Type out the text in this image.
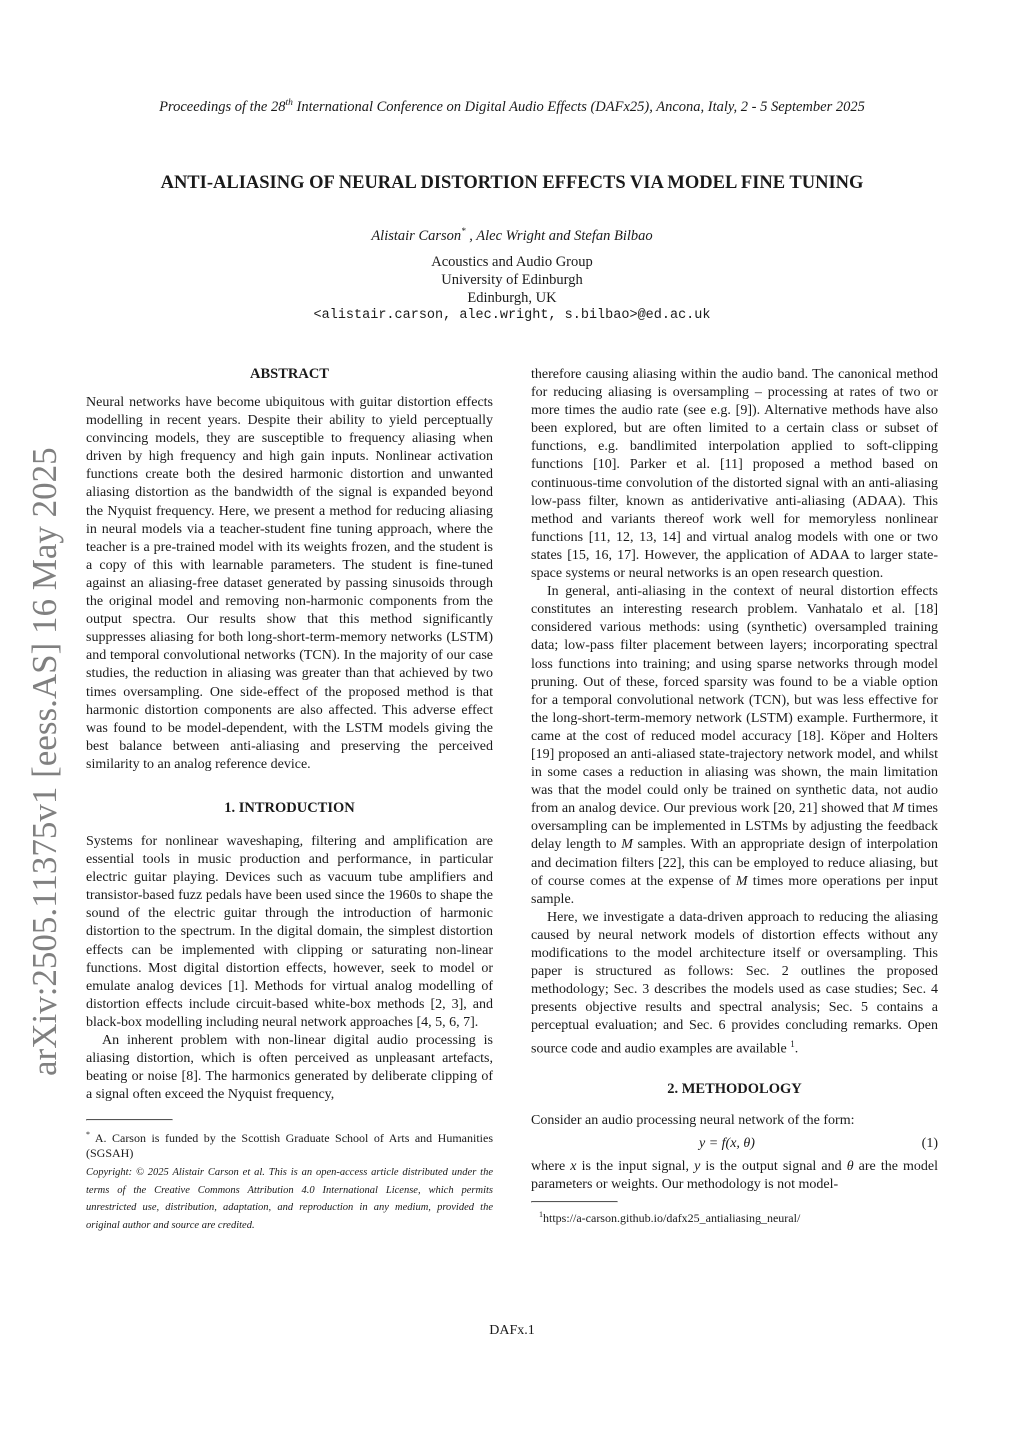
Proceedings of the 28th International Conference on Digital Audio Effects (DAFx25), Ancona, Italy, 2 - 5 September 2025
arXiv:2505.11375v1 [eess.AS] 16 May 2025
ANTI-ALIASING OF NEURAL DISTORTION EFFECTS VIA MODEL FINE TUNING
Alistair Carson* , Alec Wright and Stefan Bilbao
Acoustics and Audio Group
University of Edinburgh
Edinburgh, UK
<alistair.carson, alec.wright, s.bilbao>@ed.ac.uk
ABSTRACT

Neural networks have become ubiquitous with guitar distortion effects modelling in recent years. Despite their ability to yield perceptually convincing models, they are susceptible to frequency aliasing when driven by high frequency and high gain inputs. Nonlinear activation functions create both the desired harmonic distortion and unwanted aliasing distortion as the bandwidth of the signal is expanded beyond the Nyquist frequency. Here, we present a method for reducing aliasing in neural models via a teacher-student fine tuning approach, where the teacher is a pre-trained model with its weights frozen, and the student is a copy of this with learnable parameters. The student is fine-tuned against an aliasing-free dataset generated by passing sinusoids through the original model and removing non-harmonic components from the output spectra. Our results show that this method significantly suppresses aliasing for both long-short-term-memory networks (LSTM) and temporal convolutional networks (TCN). In the majority of our case studies, the reduction in aliasing was greater than that achieved by two times oversampling. One side-effect of the proposed method is that harmonic distortion components are also affected. This adverse effect was found to be model-dependent, with the LSTM models giving the best balance between anti-aliasing and preserving the perceived similarity to an analog reference device.

1. INTRODUCTION

Systems for nonlinear waveshaping, filtering and amplification are essential tools in music production and performance, in particular electric guitar playing. Devices such as vacuum tube amplifiers and transistor-based fuzz pedals have been used since the 1960s to shape the sound of the electric guitar through the introduction of harmonic distortion to the spectrum. In the digital domain, the simplest distortion effects can be implemented with clipping or saturating non-linear functions. Most digital distortion effects, however, seek to model or emulate analog devices [1]. Methods for virtual analog modelling of distortion effects include circuit-based white-box methods [2, 3], and black-box modelling including neural network approaches [4, 5, 6, 7].

An inherent problem with non-linear digital audio processing is aliasing distortion, which is often perceived as unpleasant artefacts, beating or noise [8]. The harmonics generated by deliberate clipping of a signal often exceed the Nyquist frequency,

* A. Carson is funded by the Scottish Graduate School of Arts and Humanities (SGSAH)

Copyright: © 2025 Alistair Carson et al. This is an open-access article distributed under the terms of the Creative Commons Attribution 4.0 International License, which permits unrestricted use, distribution, adaptation, and reproduction in any medium, provided the original author and source are credited.

therefore causing aliasing within the audio band. The canonical method for reducing aliasing is oversampling – processing at rates of two or more times the audio rate (see e.g. [9]). Alternative methods have also been explored, but are often limited to a certain class or subset of functions, e.g. bandlimited interpolation applied to soft-clipping functions [10]. Parker et al. [11] proposed a method based on continuous-time convolution of the distorted signal with an anti-aliasing low-pass filter, known as antiderivative anti-aliasing (ADAA). This method and variants thereof work well for memoryless nonlinear functions [11, 12, 13, 14] and virtual analog models with one or two states [15, 16, 17]. However, the application of ADAA to larger state-space systems or neural networks is an open research question.

In general, anti-aliasing in the context of neural distortion effects constitutes an interesting research problem. Vanhatalo et al. [18] considered various methods: using (synthetic) oversampled training data; low-pass filter placement between layers; incorporating spectral loss functions into training; and using sparse networks through model pruning. Out of these, forced sparsity was found to be a viable option for a temporal convolutional network (TCN), but was less effective for the long-short-term-memory network (LSTM) example. Furthermore, it came at the cost of reduced model accuracy [18]. Köper and Holters [19] proposed an anti-aliased state-trajectory network model, and whilst in some cases a reduction in aliasing was shown, the main limitation was that the model could only be trained on synthetic data, not audio from an analog device. Our previous work [20, 21] showed that M times oversampling can be implemented in LSTMs by adjusting the feedback delay length to M samples. With an appropriate design of interpolation and decimation filters [22], this can be employed to reduce aliasing, but of course comes at the expense of M times more operations per input sample.

Here, we investigate a data-driven approach to reducing the aliasing caused by neural network models of distortion effects without any modifications to the model architecture itself or oversampling. This paper is structured as follows: Sec. 2 outlines the proposed methodology; Sec. 3 describes the models used as case studies; Sec. 4 presents objective results and spectral analysis; Sec. 5 contains a perceptual evaluation; and Sec. 6 provides concluding remarks. Open source code and audio examples are available $^1$.

2. METHODOLOGY

Consider an audio processing neural network of the form:

y = f(x, θ)	(1)

where x is the input signal, y is the output signal and θ are the model parameters or weights. Our methodology is not model-

$^1$https://a-carson.github.io/dafx25_antialiasing_neural/

DAFx.1
